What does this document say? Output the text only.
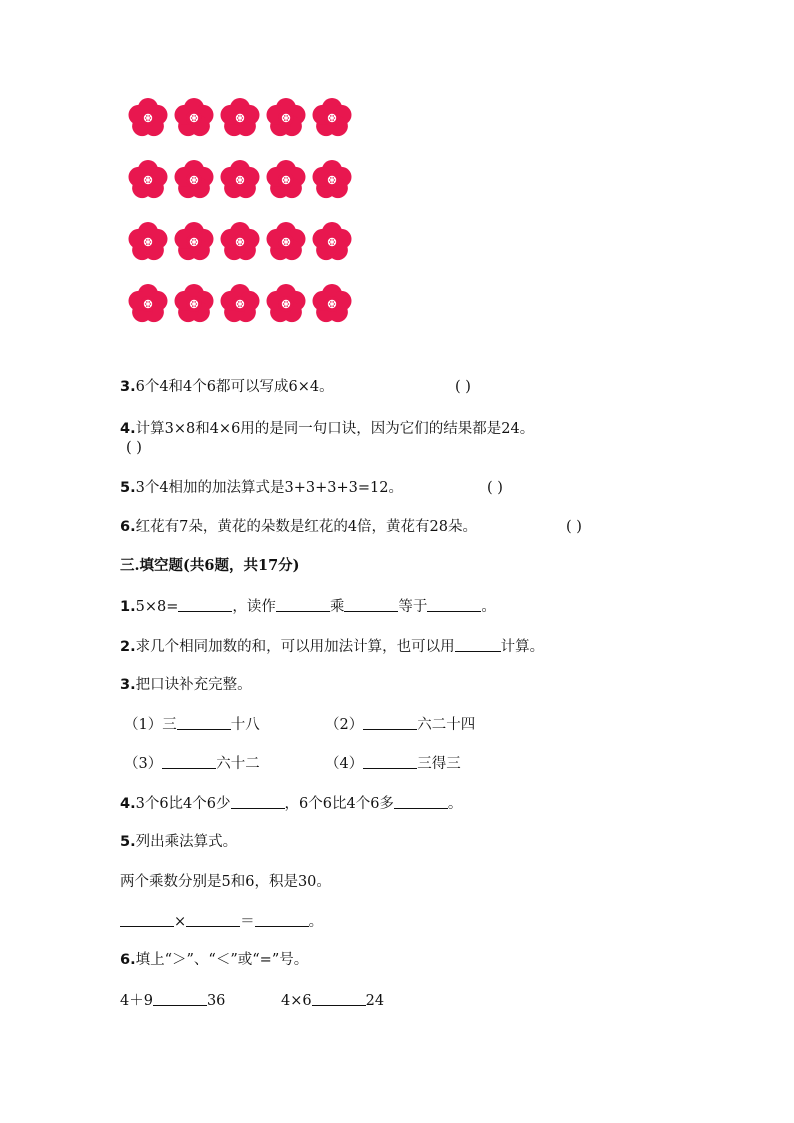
3.6个4和4个6都可以写成6×4。	( )
4.计算3×8和4×6用的是同一句口诀，因为它们的结果都是24。
( )
5.3个4相加的加法算式是3+3+3+3=12。	( )
6.红花有7朵，黄花的朵数是红花的4倍，黄花有28朵。	( )
三.填空题(共6题，共17分)
1.5×8=	，读作	乘	等于	。
2.求几个相同加数的和，可以用加法计算，也可以用	计算。
3.把口诀补充完整。
（1）三	十八	（2）	六二十四
（3）	六十二	（4）	三得三
4.3个6比4个6少	，6个6比4个6多	。
5.列出乘法算式。
两个乘数分别是5和6，积是30。
×	＝	。
6.填上“＞”、“＜”或“=”号。
4＋9	36	4×6	24
